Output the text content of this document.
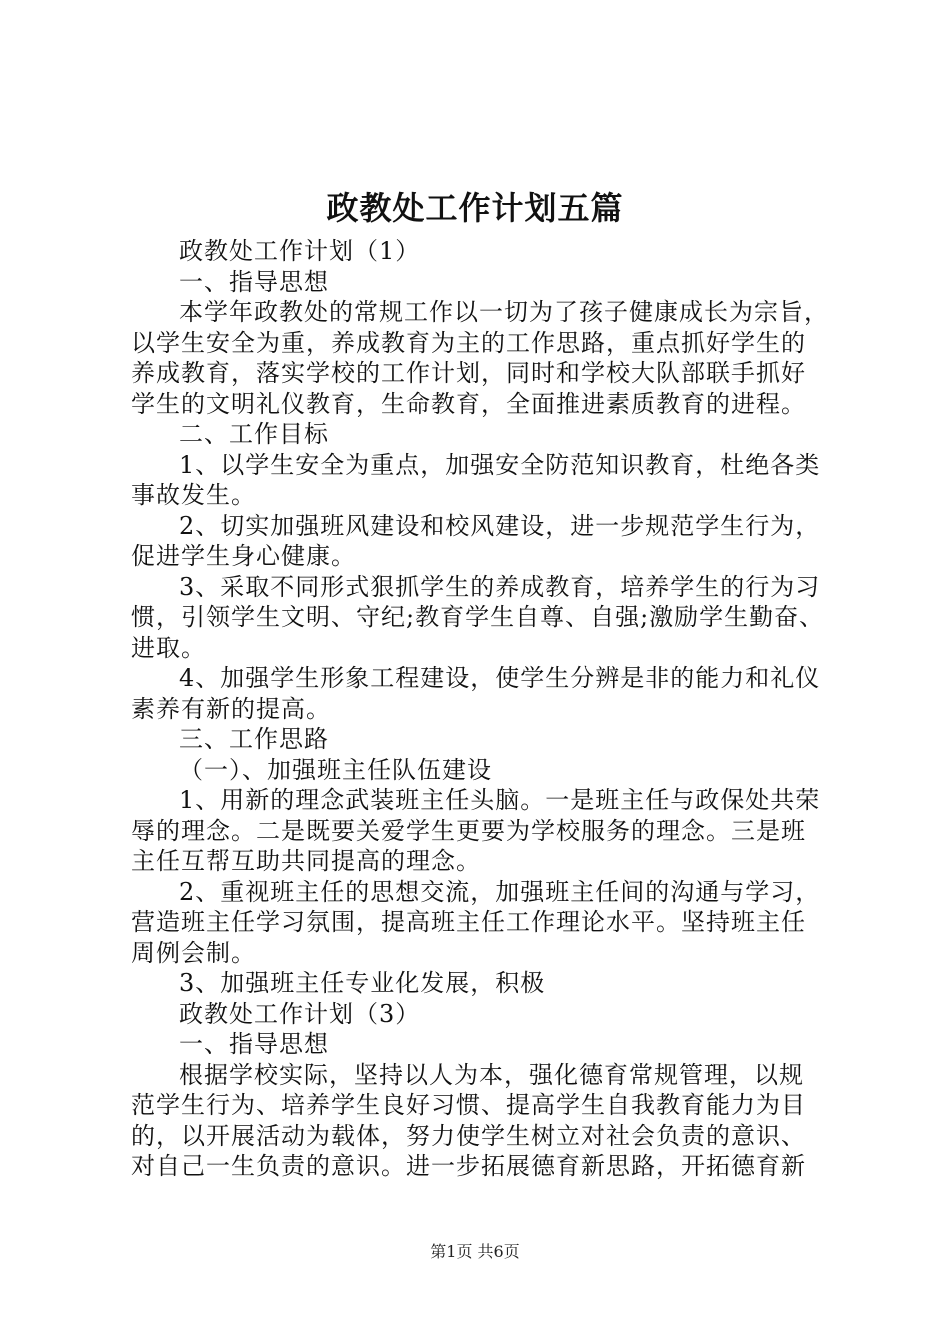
政教处工作计划五篇
政教处工作计划（1）
一、指导思想
本学年政教处的常规工作以一切为了孩子健康成长为宗旨，
以学生安全为重，养成教育为主的工作思路，重点抓好学生的
养成教育，落实学校的工作计划，同时和学校大队部联手抓好
学生的文明礼仪教育，生命教育，全面推进素质教育的进程。
二、工作目标
1、以学生安全为重点，加强安全防范知识教育，杜绝各类
事故发生。
2、切实加强班风建设和校风建设，进一步规范学生行为，
促进学生身心健康。
3、采取不同形式狠抓学生的养成教育，培养学生的行为习
惯，引领学生文明、守纪;教育学生自尊、自强;激励学生勤奋、
进取。
4、加强学生形象工程建设，使学生分辨是非的能力和礼仪
素养有新的提高。
三、工作思路
（一）、加强班主任队伍建设
1、用新的理念武装班主任头脑。一是班主任与政保处共荣
辱的理念。二是既要关爱学生更要为学校服务的理念。三是班
主任互帮互助共同提高的理念。
2、重视班主任的思想交流，加强班主任间的沟通与学习，
营造班主任学习氛围，提高班主任工作理论水平。坚持班主任
周例会制。
3、加强班主任专业化发展，积极
政教处工作计划（3）
一、指导思想
根据学校实际，坚持以人为本，强化德育常规管理，以规
范学生行为、培养学生良好习惯、提高学生自我教育能力为目
的，以开展活动为载体，努力使学生树立对社会负责的意识、
对自己一生负责的意识。进一步拓展德育新思路，开拓德育新
第1页 共6页
